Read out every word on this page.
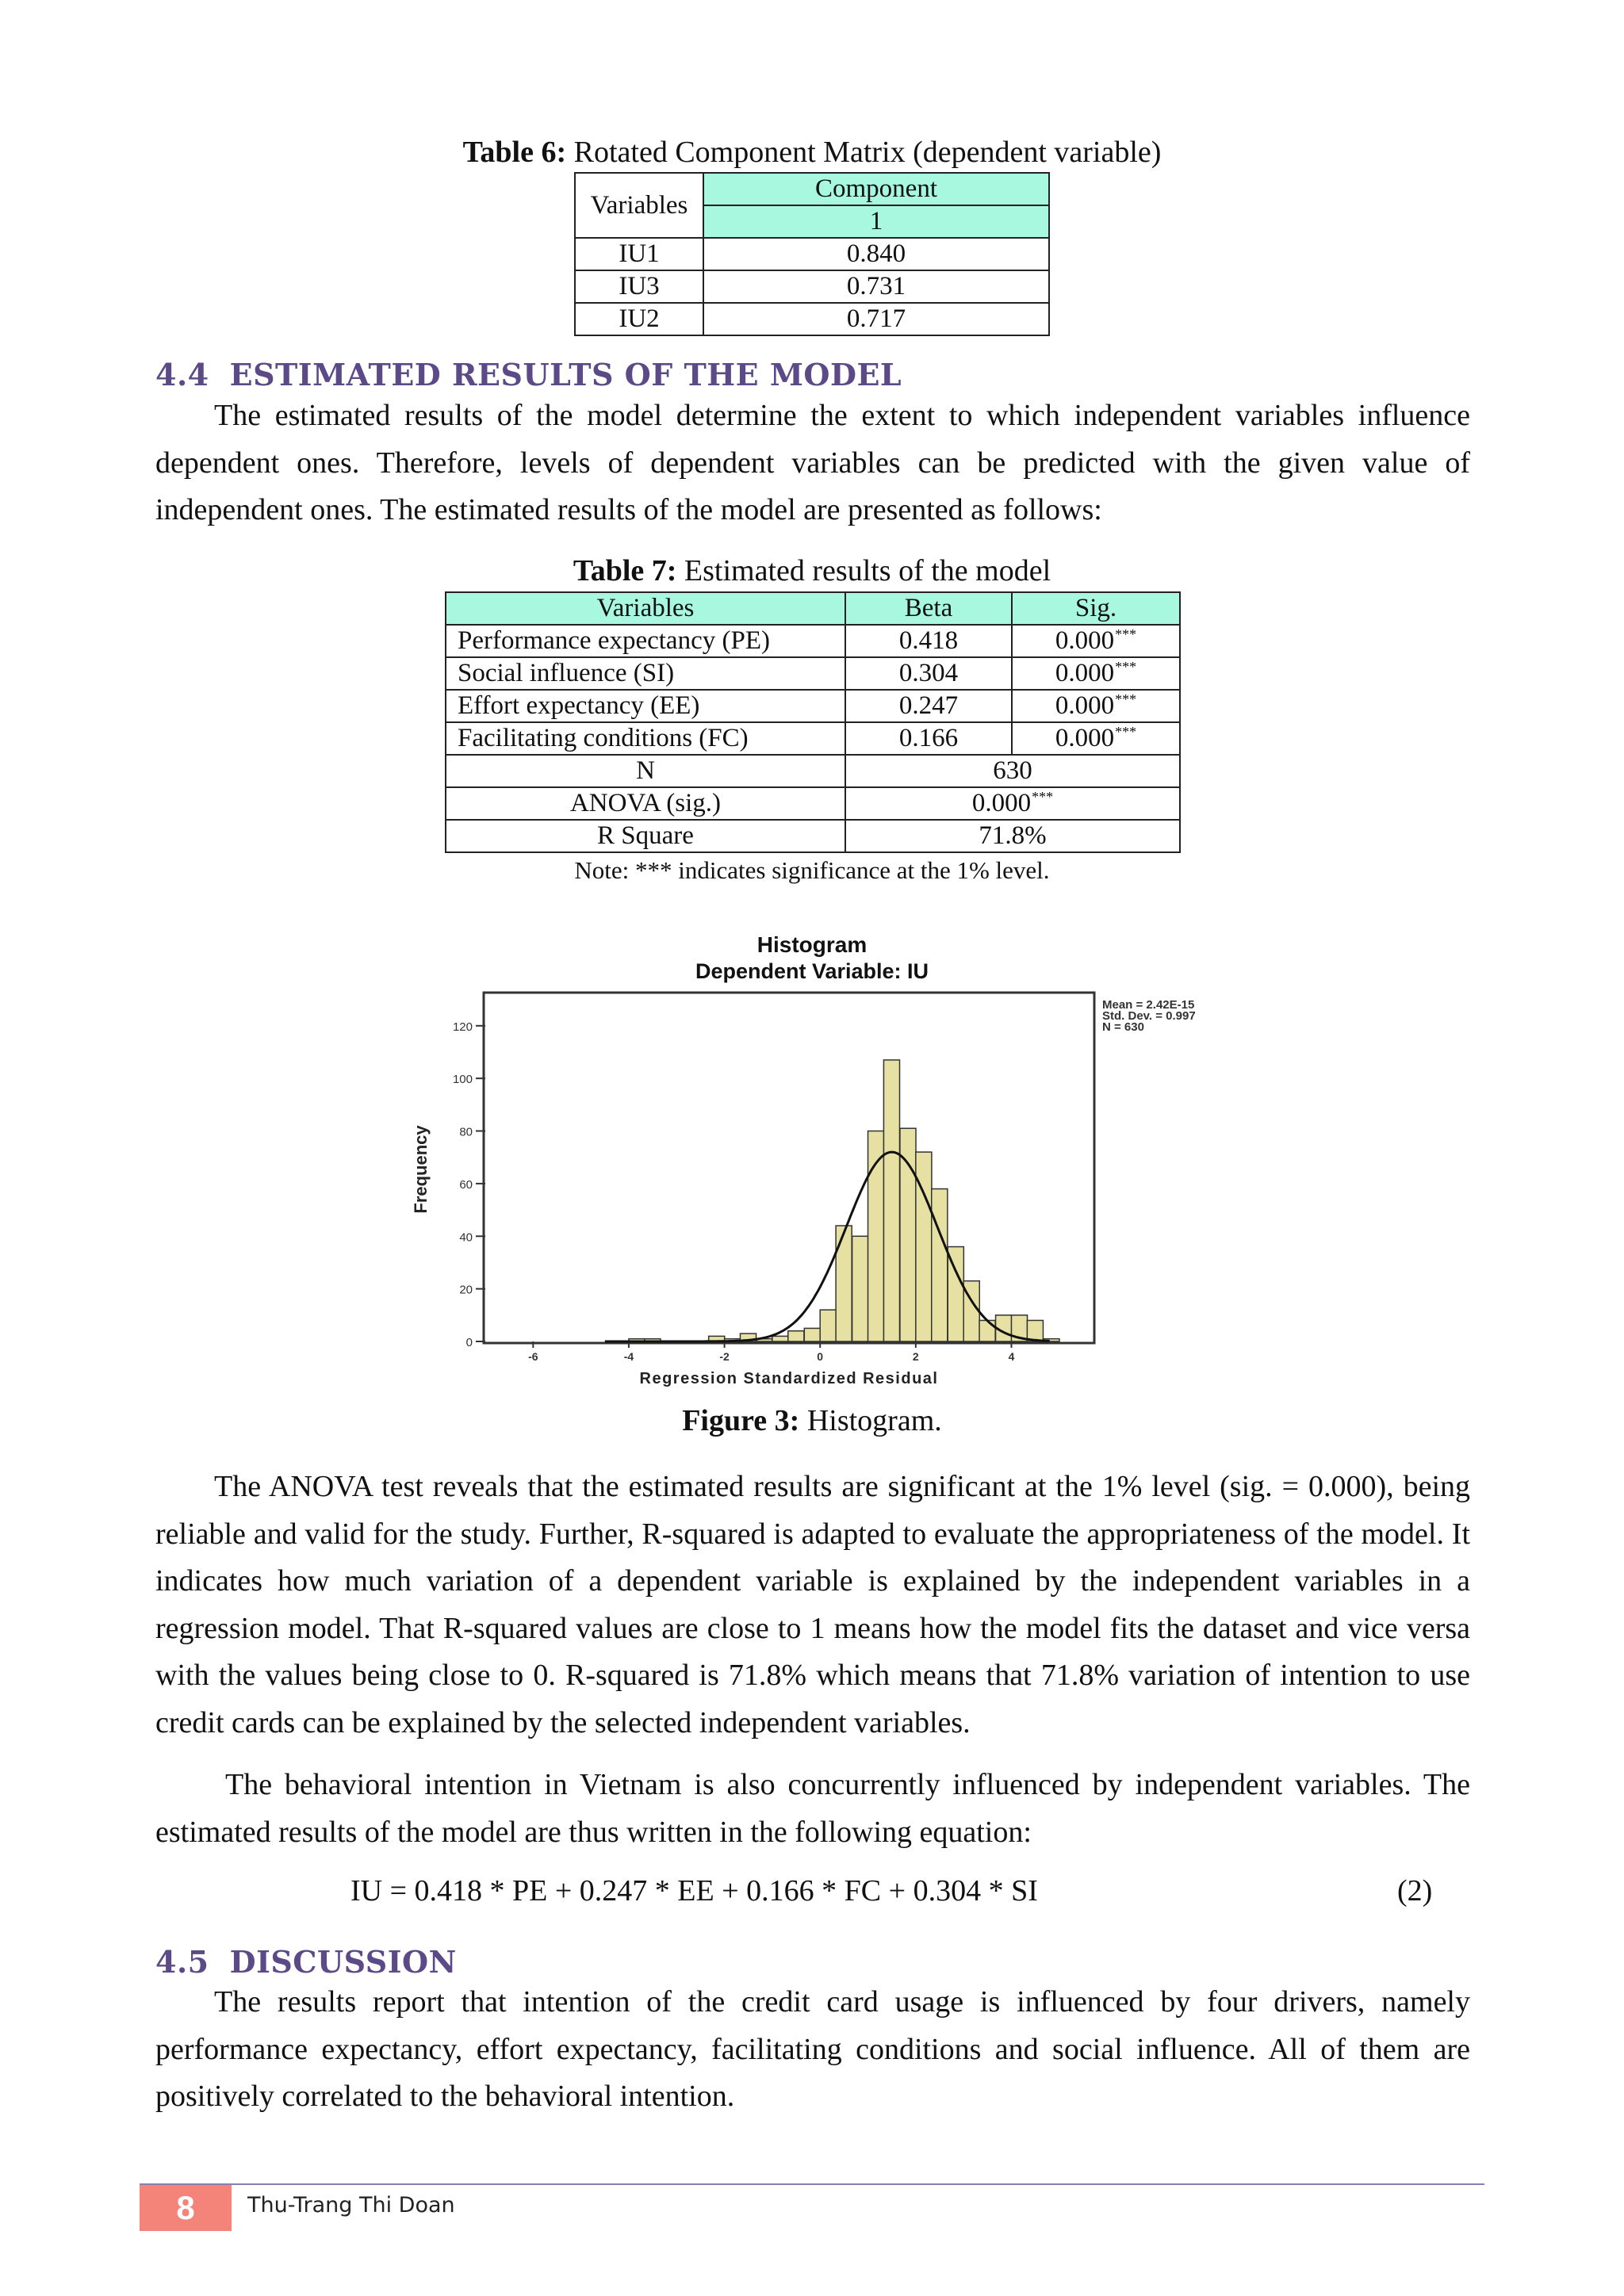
Table 6: Rotated Component Matrix (dependent variable)
Variables	Component
	1
IU1	0.840
IU3	0.731
IU2	0.717
4.4 ESTIMATED RESULTS OF THE MODEL

The estimated results of the model determine the extent to which independent variables influence dependent ones. Therefore, levels of dependent variables can be predicted with the given value of independent ones. The estimated results of the model are presented as follows:

Table 7: Estimated results of the model
Variables	Beta	Sig.
Performance expectancy (PE)	0.418	0.000***
Social influence (SI)	0.304	0.000***
Effort expectancy (EE)	0.247	0.000***
Facilitating conditions (FC)	0.166	0.000***
N	630	
ANOVA (sig.)	0.000***
R Square	71.8%	
Note: *** indicates significance at the 1% level.
Histogram
Dependent Variable: IU
0
20
40
60
80
100
120
-6	-4	-2	0	2	4
Frequency
Regression Standardized Residual
Mean = 2.42E-15
Std. Dev. = 0.997
N = 630
Figure 3: Histogram.

The ANOVA test reveals that the estimated results are significant at the 1% level (sig. = 0.000), being reliable and valid for the study. Further, R-squared is adapted to evaluate the appropriateness of the model. It indicates how much variation of a dependent variable is explained by the independent variables in a regression model. That R-squared values are close to 1 means how the model fits the dataset and vice versa with the values being close to 0. R-squared is 71.8% which means that 71.8% variation of intention to use credit cards can be explained by the selected independent variables.

The behavioral intention in Vietnam is also concurrently influenced by independent variables. The estimated results of the model are thus written in the following equation:

IU = 0.418 * PE + 0.247 * EE + 0.166 * FC + 0.304 * SI	(2)
4.5 DISCUSSION

The results report that intention of the credit card usage is influenced by four drivers, namely performance expectancy, effort expectancy, facilitating conditions and social influence. All of them are positively correlated to the behavioral intention.

8	Thu-Trang Thi Doan
